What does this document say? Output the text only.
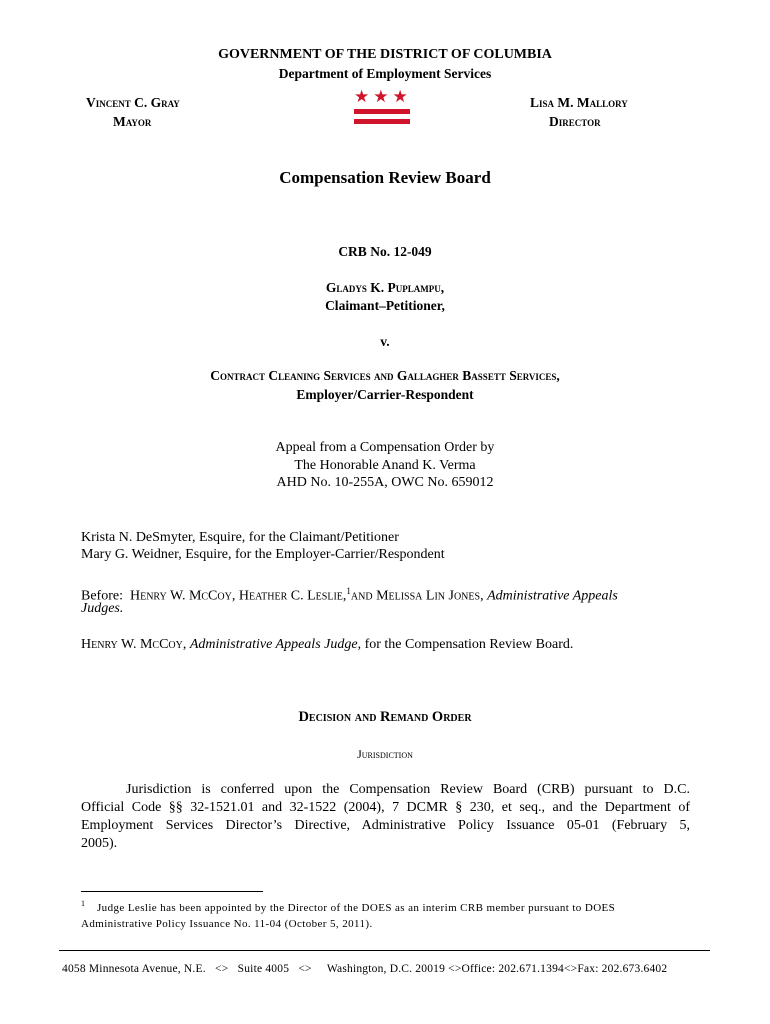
GOVERNMENT OF THE DISTRICT OF COLUMBIA
Department of Employment Services
Vincent C. Gray
Mayor
Lisa M. Mallory
Director
★★★
Compensation Review Board
CRB No. 12-049
Gladys K. Puplampu,
Claimant–Petitioner,
v.
Contract Cleaning Services and Gallagher Bassett Services,
Employer/Carrier-Respondent
Appeal from a Compensation Order by
The Honorable Anand K. Verma
AHD No. 10-255A, OWC No. 659012
Krista N. DeSmyter, Esquire, for the Claimant/Petitioner
Mary G. Weidner, Esquire, for the Employer-Carrier/Respondent
Before: Henry W. McCoy, Heather C. Leslie,$^1$and Melissa Lin Jones, Administrative Appeals
Judges.
Henry W. McCoy, Administrative Appeals Judge, for the Compensation Review Board.
Decision and Remand Order
Jurisdiction
Jurisdiction is conferred upon the Compensation Review Board (CRB) pursuant to D.C.
Official Code §§ 32-1521.01 and 32-1522 (2004), 7 DCMR § 230, et seq., and the Department of
Employment Services Director’s Directive, Administrative Policy Issuance 05-01 (February 5,
2005).
1 Judge Leslie has been appointed by the Director of the DOES as an interim CRB member pursuant to DOES
Administrative Policy Issuance No. 11-04 (October 5, 2011).
4058 Minnesota Avenue, N.E.   <>   Suite 4005   <>     Washington, D.C. 20019 <>Office: 202.671.1394<>Fax: 202.673.6402
